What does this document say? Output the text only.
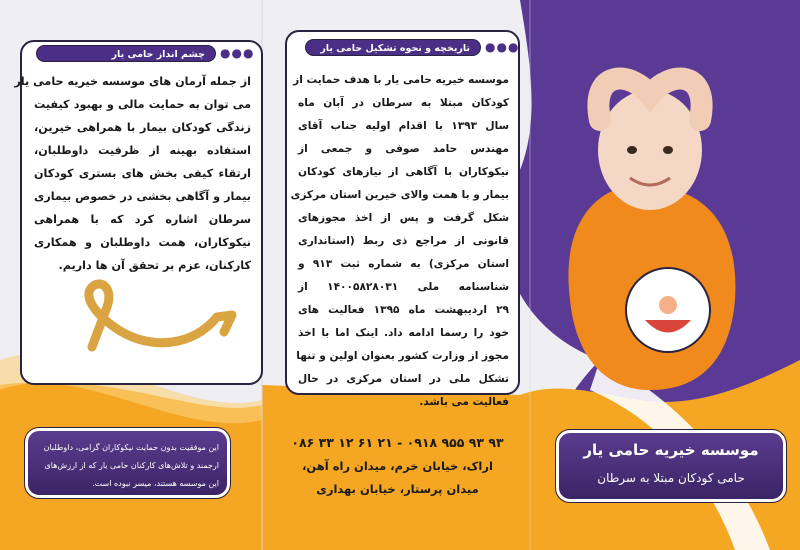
●●●
چشم انداز حامی یار
از جمله آرمان های موسسه خیریه حامی یار
می توان به حمایت مالی و بهبود کیفیت
زندگی کودکان بیمار با همراهی خیرین،
استفاده بهینه از ظرفیت داوطلبان،
ارتقاء کیفی بخش های بستری کودکان
بیمار و آگاهی بخشی در خصوص بیماری
سرطان اشاره کرد که با همراهی
نیکوکاران، همت داوطلبان و همکاری
کارکنان، عزم بر تحقق آن ها داریم.
●●●
تاریخچه و نحوه تشکیل حامی یار
موسسه خیریه حامی یار با هدف حمایت از
کودکان مبتلا به سرطان در آبان ماه
سال ۱۳۹۳ با اقدام اولیه جناب آقای
مهندس حامد صوفی و جمعی از
نیکوکاران با آگاهی از نیازهای کودکان
بیمار و با همت والای خیرین استان مرکزی
شکل گرفت و پس از اخذ مجوزهای
قانونی از مراجع ذی ربط (استانداری
استان مرکزی) به شماره ثبت ۹۱۳ و
شناسنامه ملی ۱۴۰۰۵۸۲۸۰۳۱ از
۲۹ اردیبهشت ماه ۱۳۹۵ فعالیت های
خود را رسما ادامه داد. اینک اما با اخذ
مجوز از وزارت کشور بعنوان اولین و تنها
تشکل ملی در استان مرکزی در حال
فعالیت می باشد.
این موفقیت بدون حمایت نیکوکاران گرامی، داوطلبان
ارجمند و تلاش‌های کارکنان حامی یار که از ارزش‌های
این موسسه هستند، میسر نبوده است.
۰۸۶ ۳۳ ۱۲ ۶۱ ۲۱ - ۰۹۱۸ ۹۵۵ ۹۳ ۹۳
اراک، خیابان خرم، میدان راه آهن،
میدان پرستار، خیابان بهداری
موسسه خیریه حامی یار
حامی کودکان مبتلا به سرطان
